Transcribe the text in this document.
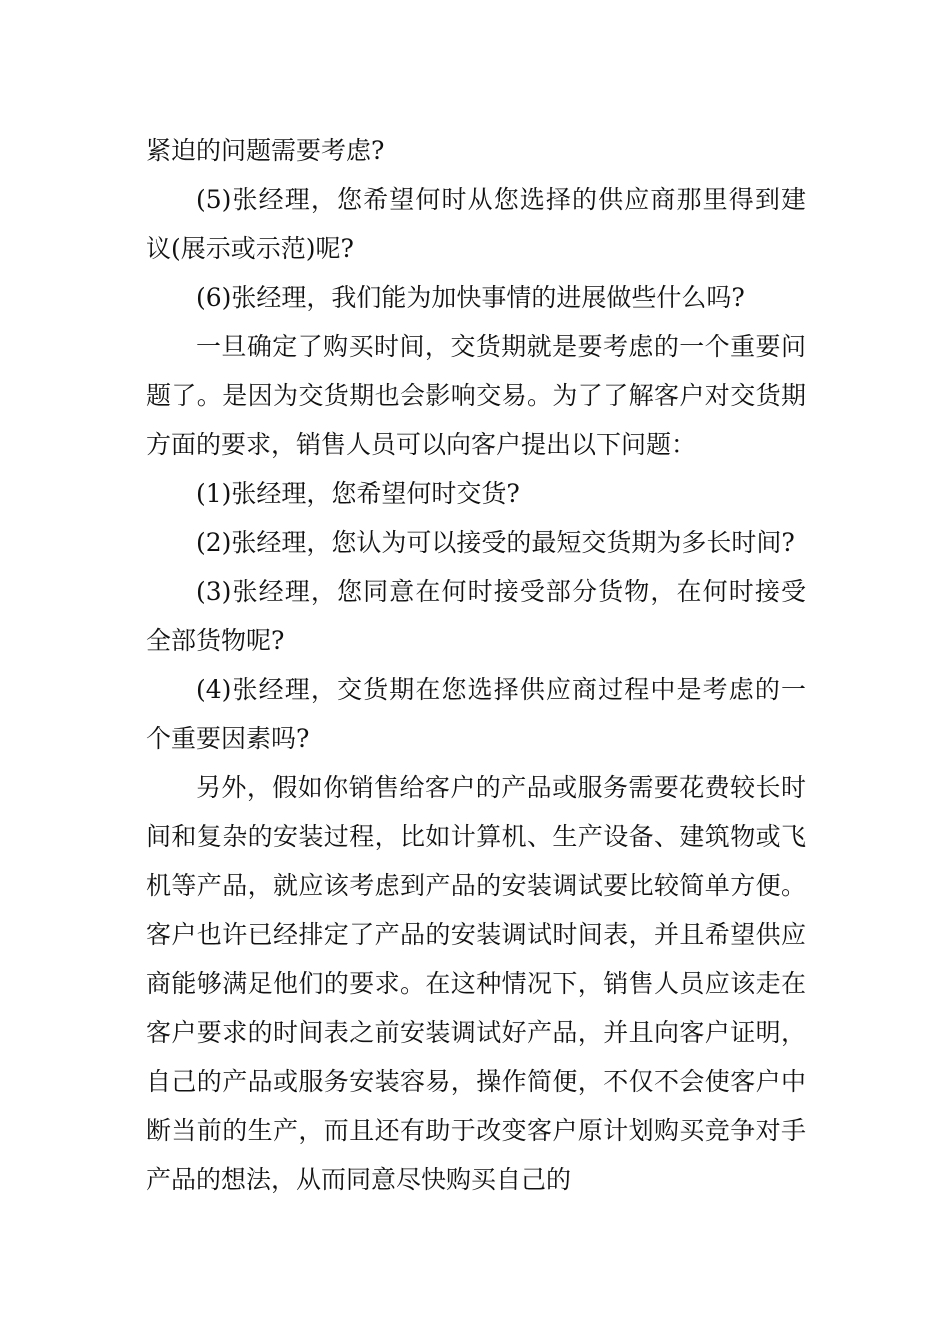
紧迫的问题需要考虑?

(5)张经理，您希望何时从您选择的供应商那里得到建议(展示或示范)呢?

(6)张经理，我们能为加快事情的进展做些什么吗?

一旦确定了购买时间，交货期就是要考虑的一个重要问题了。是因为交货期也会影响交易。为了了解客户对交货期方面的要求，销售人员可以向客户提出以下问题：

(1)张经理，您希望何时交货?

(2)张经理，您认为可以接受的最短交货期为多长时间?

(3)张经理，您同意在何时接受部分货物，在何时接受全部货物呢?

(4)张经理，交货期在您选择供应商过程中是考虑的一个重要因素吗?

另外，假如你销售给客户的产品或服务需要花费较长时间和复杂的安装过程，比如计算机、生产设备、建筑物或飞机等产品，就应该考虑到产品的安装调试要比较简单方便。客户也许已经排定了产品的安装调试时间表，并且希望供应商能够满足他们的要求。在这种情况下，销售人员应该走在客户要求的时间表之前安装调试好产品，并且向客户证明，自己的产品或服务安装容易，操作简便，不仅不会使客户中断当前的生产，而且还有助于改变客户原计划购买竞争对手产品的想法，从而同意尽快购买自己的
